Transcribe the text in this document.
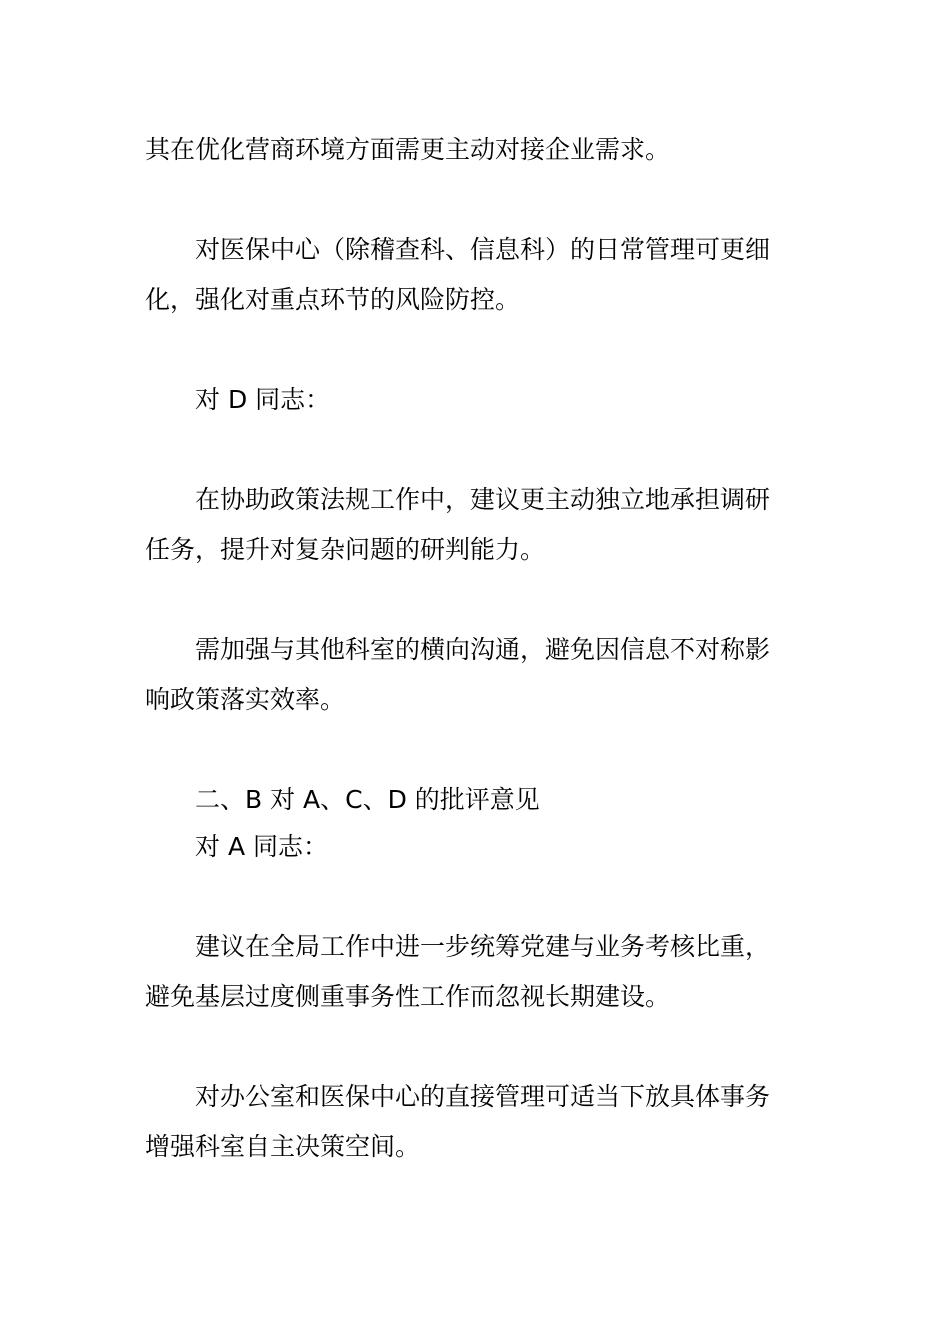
其在优化营商环境方面需更主动对接企业需求。

对医保中心（除稽查科、信息科）的日常管理可更细
化，强化对重点环节的风险防控。

对 D 同志：

在协助政策法规工作中，建议更主动独立地承担调研
任务，提升对复杂问题的研判能力。

需加强与其他科室的横向沟通，避免因信息不对称影
响政策落实效率。

二、B 对 A、C、D 的批评意见

对 A 同志：

建议在全局工作中进一步统筹党建与业务考核比重，
避免基层过度侧重事务性工作而忽视长期建设。

对办公室和医保中心的直接管理可适当下放具体事务
增强科室自主决策空间。
